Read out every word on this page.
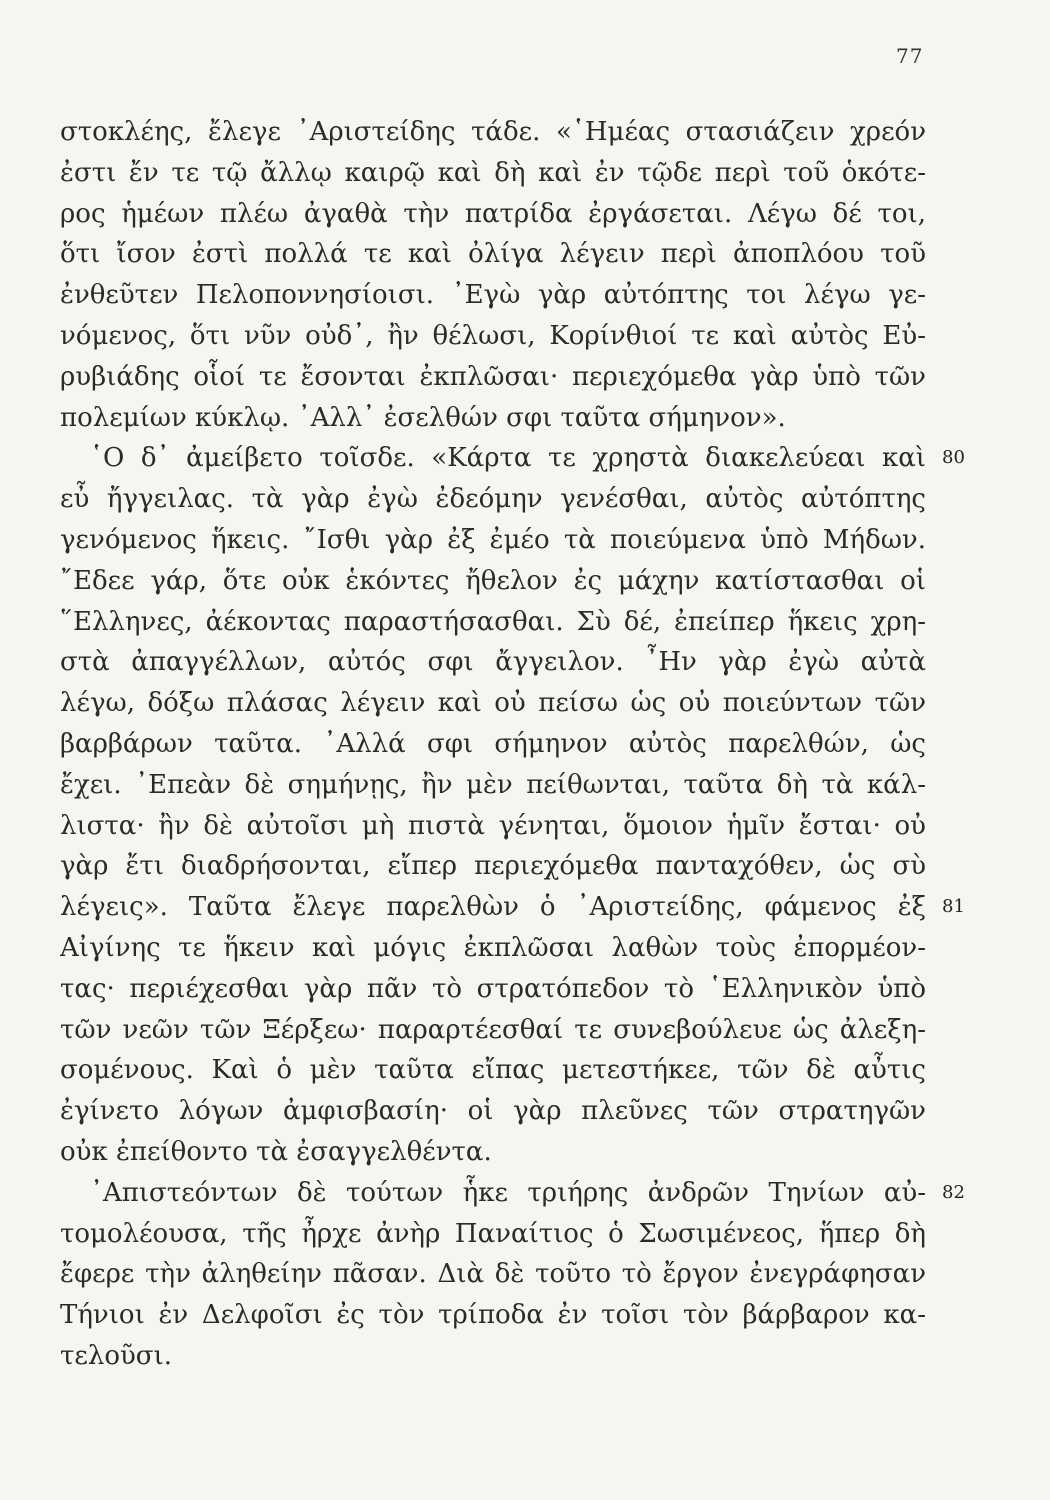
77
στοκλέης, ἔλεγε ᾿Αριστείδης τάδε. «῾Ημέας στασιάζειν χρεόν
ἐστι ἔν τε τῷ ἄλλῳ καιρῷ καὶ δὴ καὶ ἐν τῷδε περὶ τοῦ ὁκότε-
ρος ἡμέων πλέω ἀγαθὰ τὴν πατρίδα ἐργάσεται. Λέγω δέ τοι,
ὅτι ἴσον ἐστὶ πολλά τε καὶ ὀλίγα λέγειν περὶ ἀποπλόου τοῦ
ἐνθεῦτεν Πελοποννησίοισι. ᾿Εγὼ γὰρ αὐτόπτης τοι λέγω γε-
νόμενος, ὅτι νῦν οὐδ᾿, ἢν θέλωσι, Κορίνθιοί τε καὶ αὐτὸς Εὐ-
ρυβιάδης οἷοί τε ἔσονται ἐκπλῶσαι· περιεχόμεθα γὰρ ὑπὸ τῶν
πολεμίων κύκλῳ. ᾿Αλλ᾿ ἐσελθών σφι ταῦτα σήμηνον».
῾Ο δ᾿ ἀμείβετο τοῖσδε. «Κάρτα τε χρηστὰ διακελεύεαι καὶ
εὖ ἤγγειλας. τὰ γὰρ ἐγὼ ἐδεόμην γενέσθαι, αὐτὸς αὐτόπτης
γενόμενος ἥκεις. ῎Ισθι γὰρ ἐξ ἐμέο τὰ ποιεύμενα ὑπὸ Μήδων.
῎Εδεε γάρ, ὅτε οὐκ ἑκόντες ἤθελον ἐς μάχην κατίστασθαι οἱ
῞Ελληνες, ἀέκοντας παραστήσασθαι. Σὺ δέ, ἐπείπερ ἥκεις χρη-
στὰ ἀπαγγέλλων, αὐτός σφι ἄγγειλον. ῏Ην γὰρ ἐγὼ αὐτὰ
λέγω, δόξω πλάσας λέγειν καὶ οὐ πείσω ὡς οὐ ποιεύντων τῶν
βαρβάρων ταῦτα. ᾿Αλλά σφι σήμηνον αὐτὸς παρελθών, ὡς
ἔχει. ᾿Επεὰν δὲ σημήνῃς, ἢν μὲν πείθωνται, ταῦτα δὴ τὰ κάλ-
λιστα· ἢν δὲ αὐτοῖσι μὴ πιστὰ γένηται, ὅμοιον ἡμῖν ἔσται· οὐ
γὰρ ἔτι διαδρήσονται, εἴπερ περιεχόμεθα πανταχόθεν, ὡς σὺ
λέγεις». Ταῦτα ἔλεγε παρελθὼν ὁ ᾿Αριστείδης, φάμενος ἐξ
Αἰγίνης τε ἥκειν καὶ μόγις ἐκπλῶσαι λαθὼν τοὺς ἐπορμέον-
τας· περιέχεσθαι γὰρ πᾶν τὸ στρατόπεδον τὸ ῾Ελληνικὸν ὑπὸ
τῶν νεῶν τῶν Ξέρξεω· παραρτέεσθαί τε συνεβούλευε ὡς ἀλεξη-
σομένους. Καὶ ὁ μὲν ταῦτα εἴπας μετεστήκεε, τῶν δὲ αὖτις
ἐγίνετο λόγων ἀμφισβασίη· οἱ γὰρ πλεῦνες τῶν στρατηγῶν
οὐκ ἐπείθοντο τὰ ἐσαγγελθέντα.
᾿Απιστεόντων δὲ τούτων ἧκε τριήρης ἀνδρῶν Τηνίων αὐ-
τομολέουσα, τῆς ἦρχε ἀνὴρ Παναίτιος ὁ Σωσιμένεος, ἥπερ δὴ
ἔφερε τὴν ἀληθείην πᾶσαν. Διὰ δὲ τοῦτο τὸ ἔργον ἐνεγράφησαν
Τήνιοι ἐν Δελφοῖσι ἐς τὸν τρίποδα ἐν τοῖσι τὸν βάρβαρον κα-
τελοῦσι.
80
81
82
